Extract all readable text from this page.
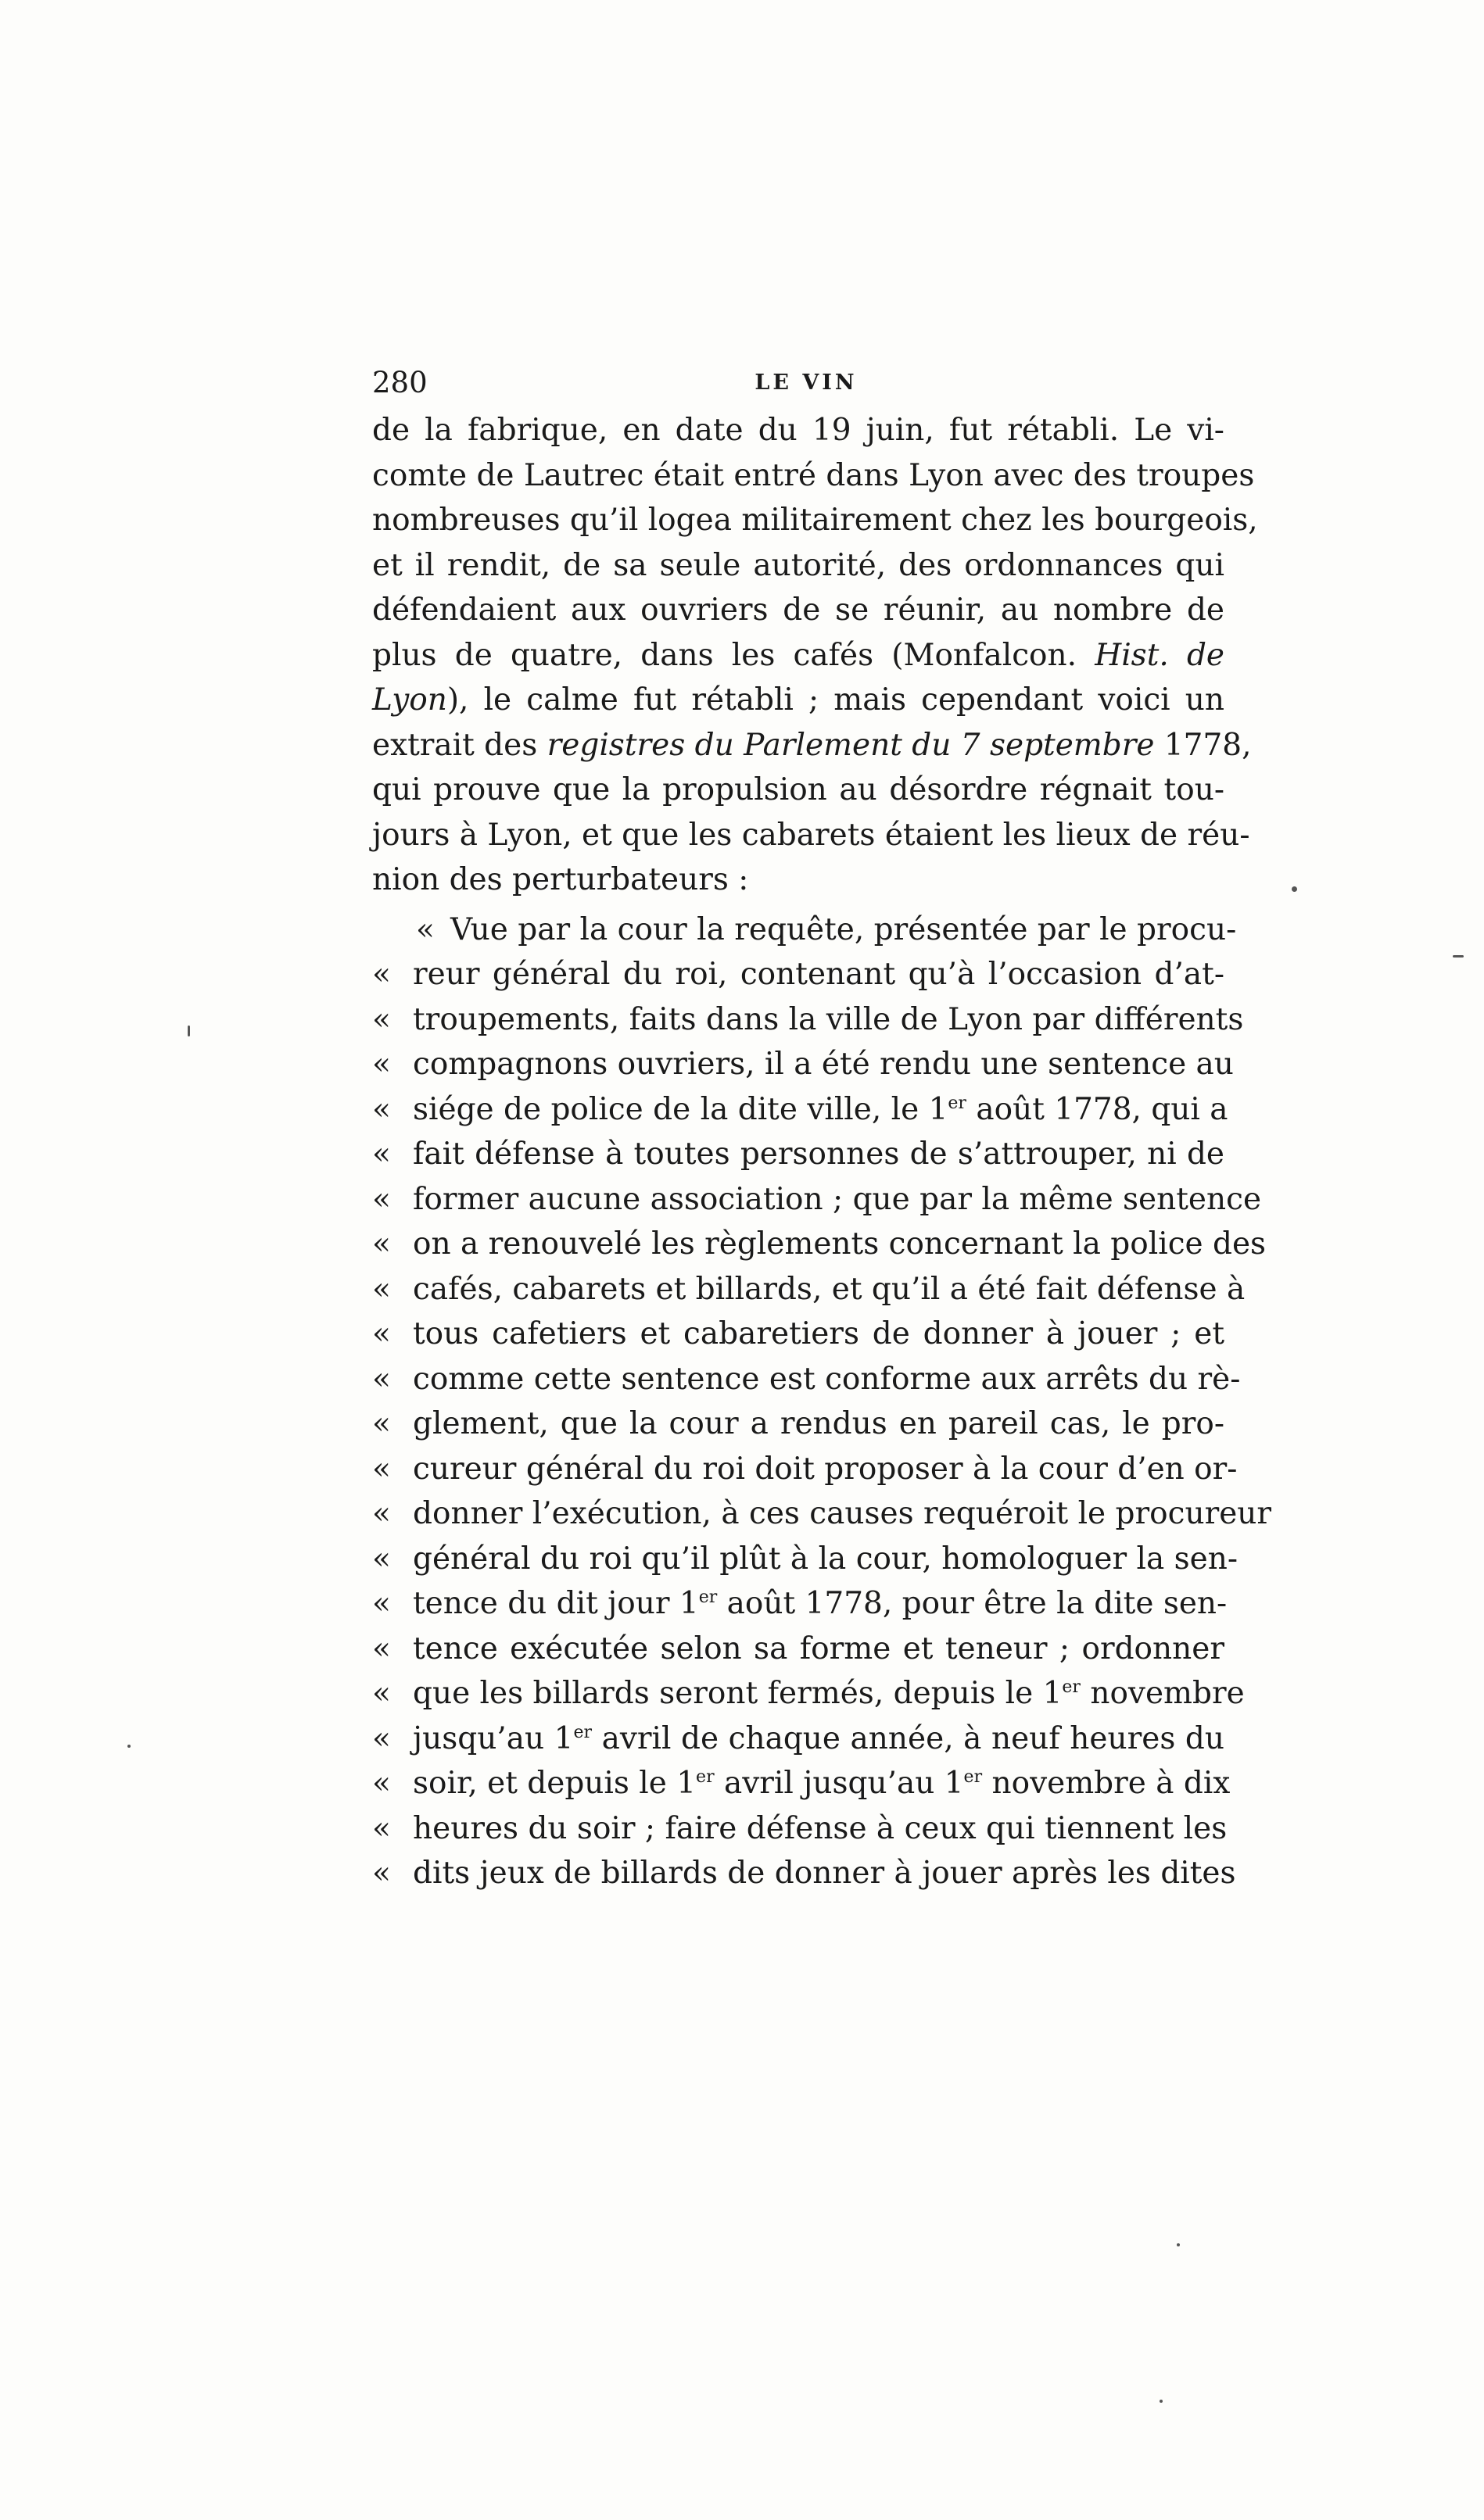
280	LE VIN
de la fabrique, en date du 19 juin, fut rétabli. Le vi-
comte de Lautrec était entré dans Lyon avec des troupes
nombreuses qu’il logea militairement chez les bourgeois,
et il rendit, de sa seule autorité, des ordonnances qui
défendaient aux ouvriers de se réunir, au nombre de
plus de quatre, dans les cafés (Monfalcon. Hist. de
Lyon), le calme fut rétabli ; mais cependant voici un
extrait des registres du Parlement du 7 septembre 1778,
qui prouve que la propulsion au désordre régnait tou-
jours à Lyon, et que les cabarets étaient les lieux de réu-
nion des perturbateurs :
« Vue par la cour la requête, présentée par le procu-
« reur général du roi, contenant qu’à l’occasion d’at-
« troupements, faits dans la ville de Lyon par différents
« compagnons ouvriers, il a été rendu une sentence au
« siége de police de la dite ville, le 1er août 1778, qui a
« fait défense à toutes personnes de s’attrouper, ni de
« former aucune association ; que par la même sentence
« on a renouvelé les règlements concernant la police des
« cafés, cabarets et billards, et qu’il a été fait défense à
« tous cafetiers et cabaretiers de donner à jouer ; et
« comme cette sentence est conforme aux arrêts du rè-
« glement, que la cour a rendus en pareil cas, le pro-
« cureur général du roi doit proposer à la cour d’en or-
« donner l’exécution, à ces causes requéroit le procureur
« général du roi qu’il plût à la cour, homologuer la sen-
« tence du dit jour 1er août 1778, pour être la dite sen-
« tence exécutée selon sa forme et teneur ; ordonner
« que les billards seront fermés, depuis le 1er novembre
« jusqu’au 1er avril de chaque année, à neuf heures du
« soir, et depuis le 1er avril jusqu’au 1er novembre à dix
« heures du soir ; faire défense à ceux qui tiennent les
« dits jeux de billards de donner à jouer après les dites
